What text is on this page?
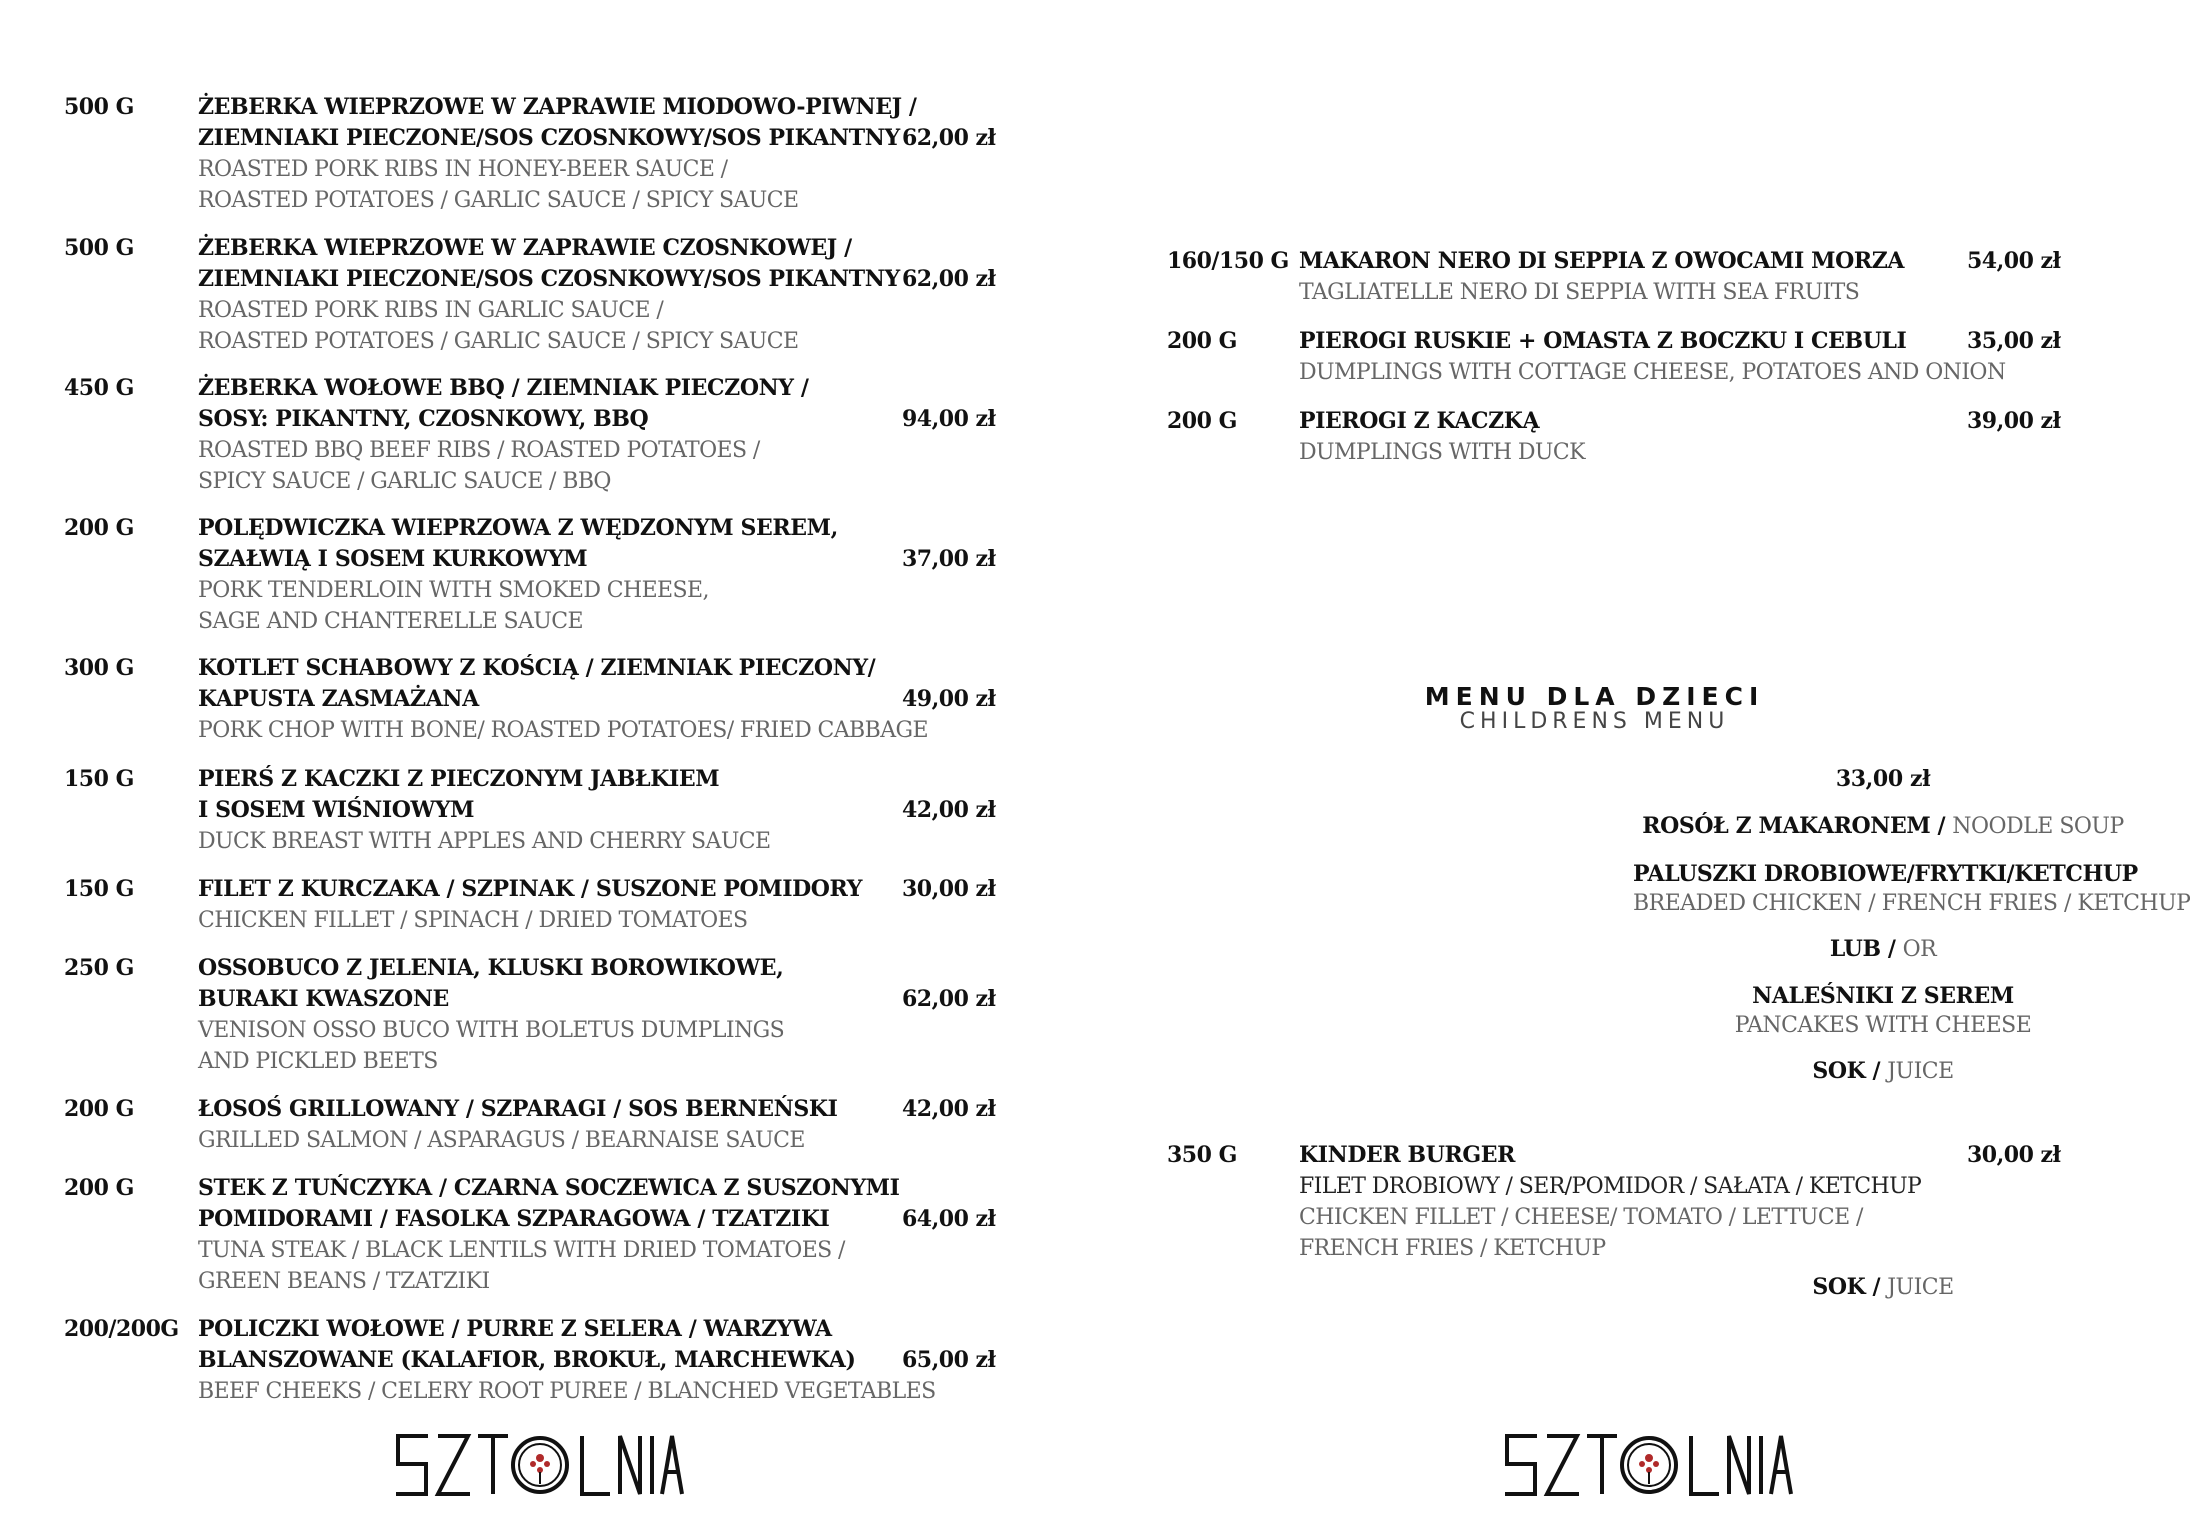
500 G	ŻEBERKA WIEPRZOWE W ZAPRAWIE MIODOWO-PIWNEJ /
ZIEMNIAKI PIECZONE/SOS CZOSNKOWY/SOS PIKANTNY
ROASTED PORK RIBS IN HONEY-BEER SAUCE /
ROASTED POTATOES / GARLIC SAUCE / SPICY SAUCE
62,00 zł
500 G	ŻEBERKA WIEPRZOWE W ZAPRAWIE CZOSNKOWEJ /
ZIEMNIAKI PIECZONE/SOS CZOSNKOWY/SOS PIKANTNY
ROASTED PORK RIBS IN GARLIC SAUCE /
ROASTED POTATOES / GARLIC SAUCE / SPICY SAUCE
62,00 zł
450 G	ŻEBERKA WOŁOWE BBQ / ZIEMNIAK PIECZONY /
SOSY: PIKANTNY, CZOSNKOWY, BBQ
ROASTED BBQ BEEF RIBS / ROASTED POTATOES /
SPICY SAUCE / GARLIC SAUCE / BBQ
94,00 zł
200 G	POLĘDWICZKA WIEPRZOWA Z WĘDZONYM SEREM,
SZAŁWIĄ I SOSEM KURKOWYM
PORK TENDERLOIN WITH SMOKED CHEESE,
SAGE AND CHANTERELLE SAUCE
37,00 zł
300 G	KOTLET SCHABOWY Z KOŚCIĄ / ZIEMNIAK PIECZONY/
KAPUSTA ZASMAŻANA
PORK CHOP WITH BONE/ ROASTED POTATOES/ FRIED CABBAGE
49,00 zł
150 G	PIERŚ Z KACZKI Z PIECZONYM JABŁKIEM
I SOSEM WIŚNIOWYM
DUCK BREAST WITH APPLES AND CHERRY SAUCE
42,00 zł
150 G	FILET Z KURCZAKA / SZPINAK / SUSZONE POMIDORY
CHICKEN FILLET / SPINACH / DRIED TOMATOES
30,00 zł
250 G	OSSOBUCO Z JELENIA, KLUSKI BOROWIKOWE,
BURAKI KWASZONE
VENISON OSSO BUCO WITH BOLETUS DUMPLINGS
AND PICKLED BEETS
62,00 zł
200 G	ŁOSOŚ GRILLOWANY / SZPARAGI / SOS BERNEŃSKI
GRILLED SALMON / ASPARAGUS / BEARNAISE SAUCE
42,00 zł
200 G	STEK Z TUŃCZYKA / CZARNA SOCZEWICA Z SUSZONYMI
POMIDORAMI / FASOLKA SZPARAGOWA / TZATZIKI
TUNA STEAK / BLACK LENTILS WITH DRIED TOMATOES /
GREEN BEANS / TZATZIKI
64,00 zł
200/200G POLICZKI WOŁOWE / PURRE Z SELERA / WARZYWA
BLANSZOWANE (KALAFIOR, BROKUŁ, MARCHEWKA)
BEEF CHEEKS / CELERY ROOT PUREE / BLANCHED VEGETABLES
65,00 zł
160/150 G MAKARON NERO DI SEPPIA Z OWOCAMI MORZA
TAGLIATELLE NERO DI SEPPIA WITH SEA FRUITS
54,00 zł
200 G	PIEROGI RUSKIE + OMASTA Z BOCZKU I CEBULI
DUMPLINGS WITH COTTAGE CHEESE, POTATOES AND ONION
35,00 zł
200 G	PIEROGI Z KACZKĄ
DUMPLINGS WITH DUCK
39,00 zł
MENU DLA DZIECI
CHILDRENS MENU
33,00 zł
ROSÓŁ Z MAKARONEM / NOODLE SOUP
PALUSZKI DROBIOWE/FRYTKI/KETCHUP
BREADED CHICKEN / FRENCH FRIES / KETCHUP
LUB / OR
NALEŚNIKI Z SEREM
PANCAKES WITH CHEESE
SOK / JUICE
350 G	KINDER BURGER
FILET DROBIOWY / SER/POMIDOR / SAŁATA / KETCHUP
CHICKEN FILLET / CHEESE/ TOMATO / LETTUCE /
FRENCH FRIES / KETCHUP
30,00 zł
SOK / JUICE
